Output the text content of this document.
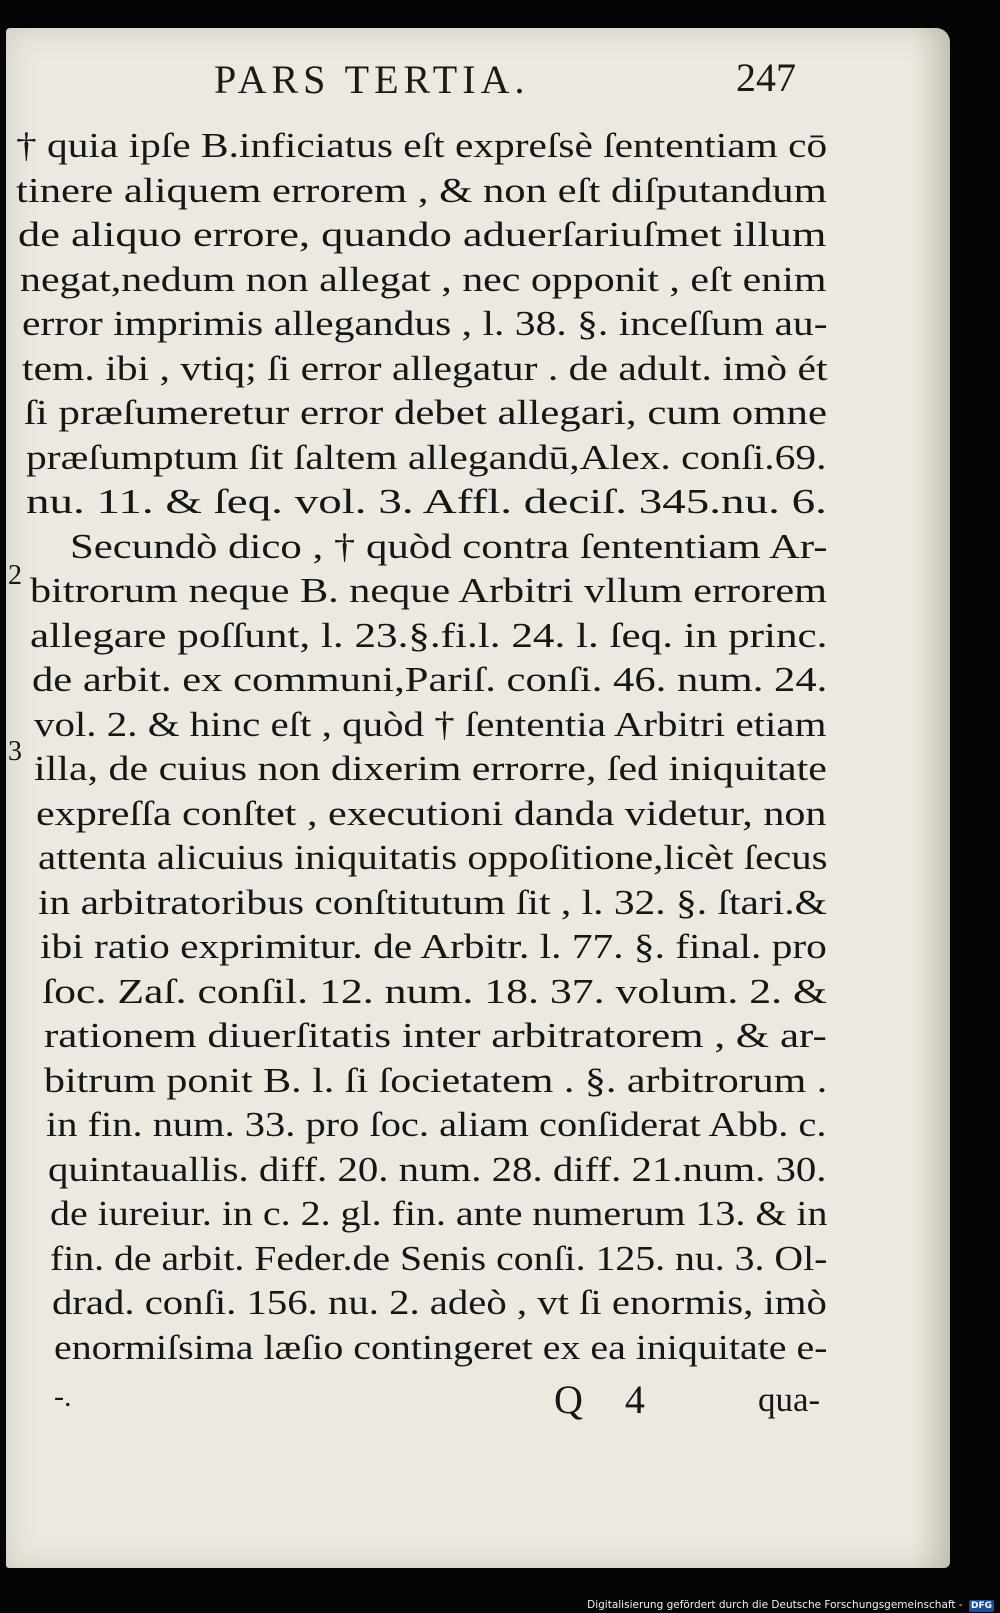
PARS TERTIA.	247
2
3
† quia ipſe B.inficiatus eſt expreſsè ſententiam cō
tinere aliquem errorem , & non eſt diſputandum
de aliquo errore, quando aduerſariuſmet illum
negat,nedum non allegat , nec opponit , eſt enim
error imprimis allegandus , l. 38. §. inceſſum au-
tem. ibi , vtiq; ſi error allegatur . de adult. imò ét
ſi præſumeretur error debet allegari, cum omne
præſumptum ſit ſaltem allegandū,Alex. conſi.69.
nu. 11. & ſeq. vol. 3. Affl. deciſ. 345.nu. 6.
Secundò dico , † quòd contra ſententiam Ar-
bitrorum neque B. neque Arbitri vllum errorem
allegare poſſunt, l. 23.§.fi.l. 24. l. ſeq. in princ.
de arbit. ex communi,Pariſ. conſi. 46. num. 24.
vol. 2. & hinc eſt , quòd † ſententia Arbitri etiam
illa, de cuius non dixerim errorre, ſed iniquitate
expreſſa conſtet , executioni danda videtur, non
attenta alicuius iniquitatis oppoſitione,licèt ſecus
in arbitratoribus conſtitutum ſit , l. 32. §. ſtari.&
ibi ratio exprimitur. de Arbitr. l. 77. §. final. pro
ſoc. Zaſ. conſil. 12. num. 18. 37. volum. 2. &
rationem diuerſitatis inter arbitratorem , & ar-
bitrum ponit B. l. ſi ſocietatem . §. arbitrorum .
in fin. num. 33. pro ſoc. aliam conſiderat Abb. c.
quintauallis. diff. 20. num. 28. diff. 21.num. 30.
de iureiur. in c. 2. gl. fin. ante numerum 13. & in
fin. de arbit. Feder.de Senis conſi. 125. nu. 3. Ol-
drad. conſi. 156. nu. 2. adeò , vt ſi enormis, imò
enormiſsima læſio contingeret ex ea iniquitate e-
-.	Q 4	qua-
Digitalisierung gefördert durch die Deutsche Forschungsgemeinschaft - DFG
